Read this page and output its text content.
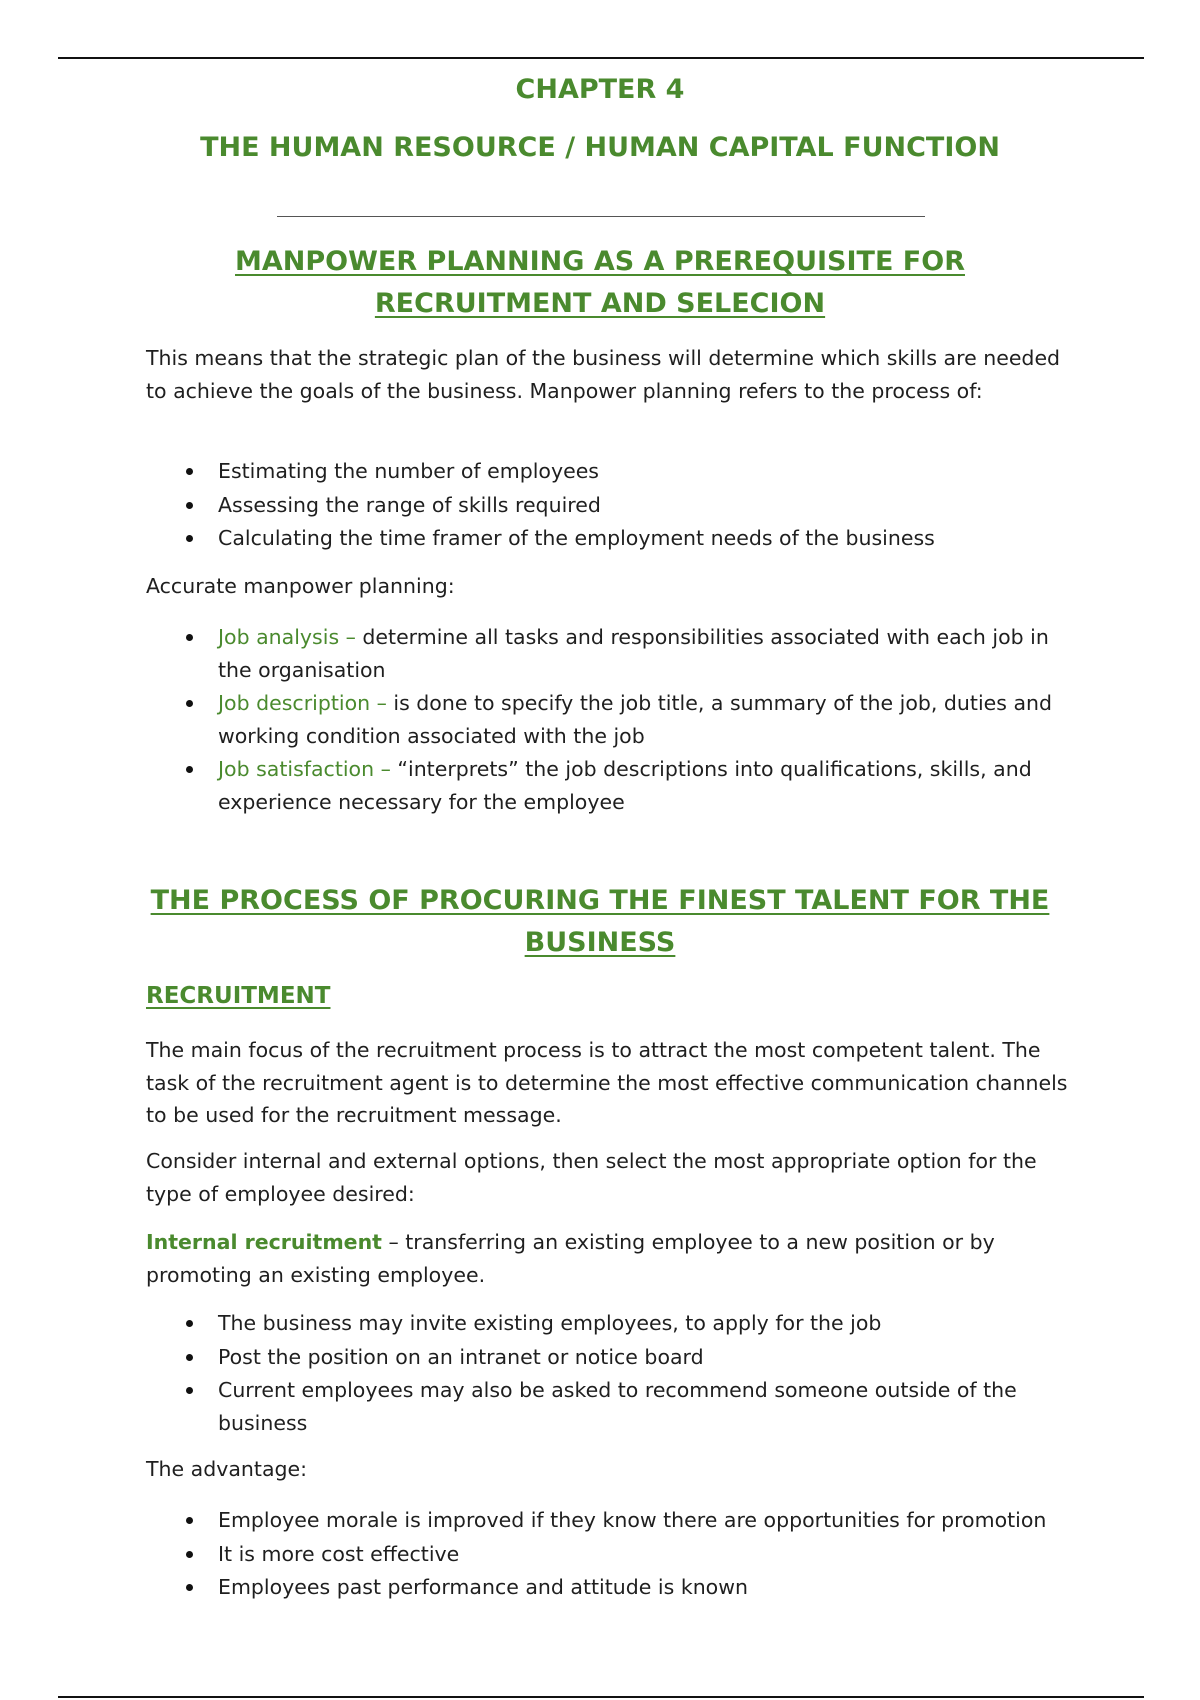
CHAPTER 4
THE HUMAN RESOURCE / HUMAN CAPITAL FUNCTION
MANPOWER PLANNING AS A PREREQUISITE FOR RECRUITMENT AND SELECION

This means that the strategic plan of the business will determine which skills are needed to achieve the goals of the business. Manpower planning refers to the process of:

Estimating the number of employees
Assessing the range of skills required
Calculating the time framer of the employment needs of the business

Accurate manpower planning:

Job analysis – determine all tasks and responsibilities associated with each job in the organisation
Job description – is done to specify the job title, a summary of the job, duties and working condition associated with the job
Job satisfaction – “interprets” the job descriptions into qualifications, skills, and experience necessary for the employee
THE PROCESS OF PROCURING THE FINEST TALENT FOR THE BUSINESS
RECRUITMENT

The main focus of the recruitment process is to attract the most competent talent. The task of the recruitment agent is to determine the most effective communication channels to be used for the recruitment message.

Consider internal and external options, then select the most appropriate option for the type of employee desired:

Internal recruitment – transferring an existing employee to a new position or by promoting an existing employee.

The business may invite existing employees, to apply for the job
Post the position on an intranet or notice board
Current employees may also be asked to recommend someone outside of the business

The advantage:

Employee morale is improved if they know there are opportunities for promotion
It is more cost effective
Employees past performance and attitude is known
